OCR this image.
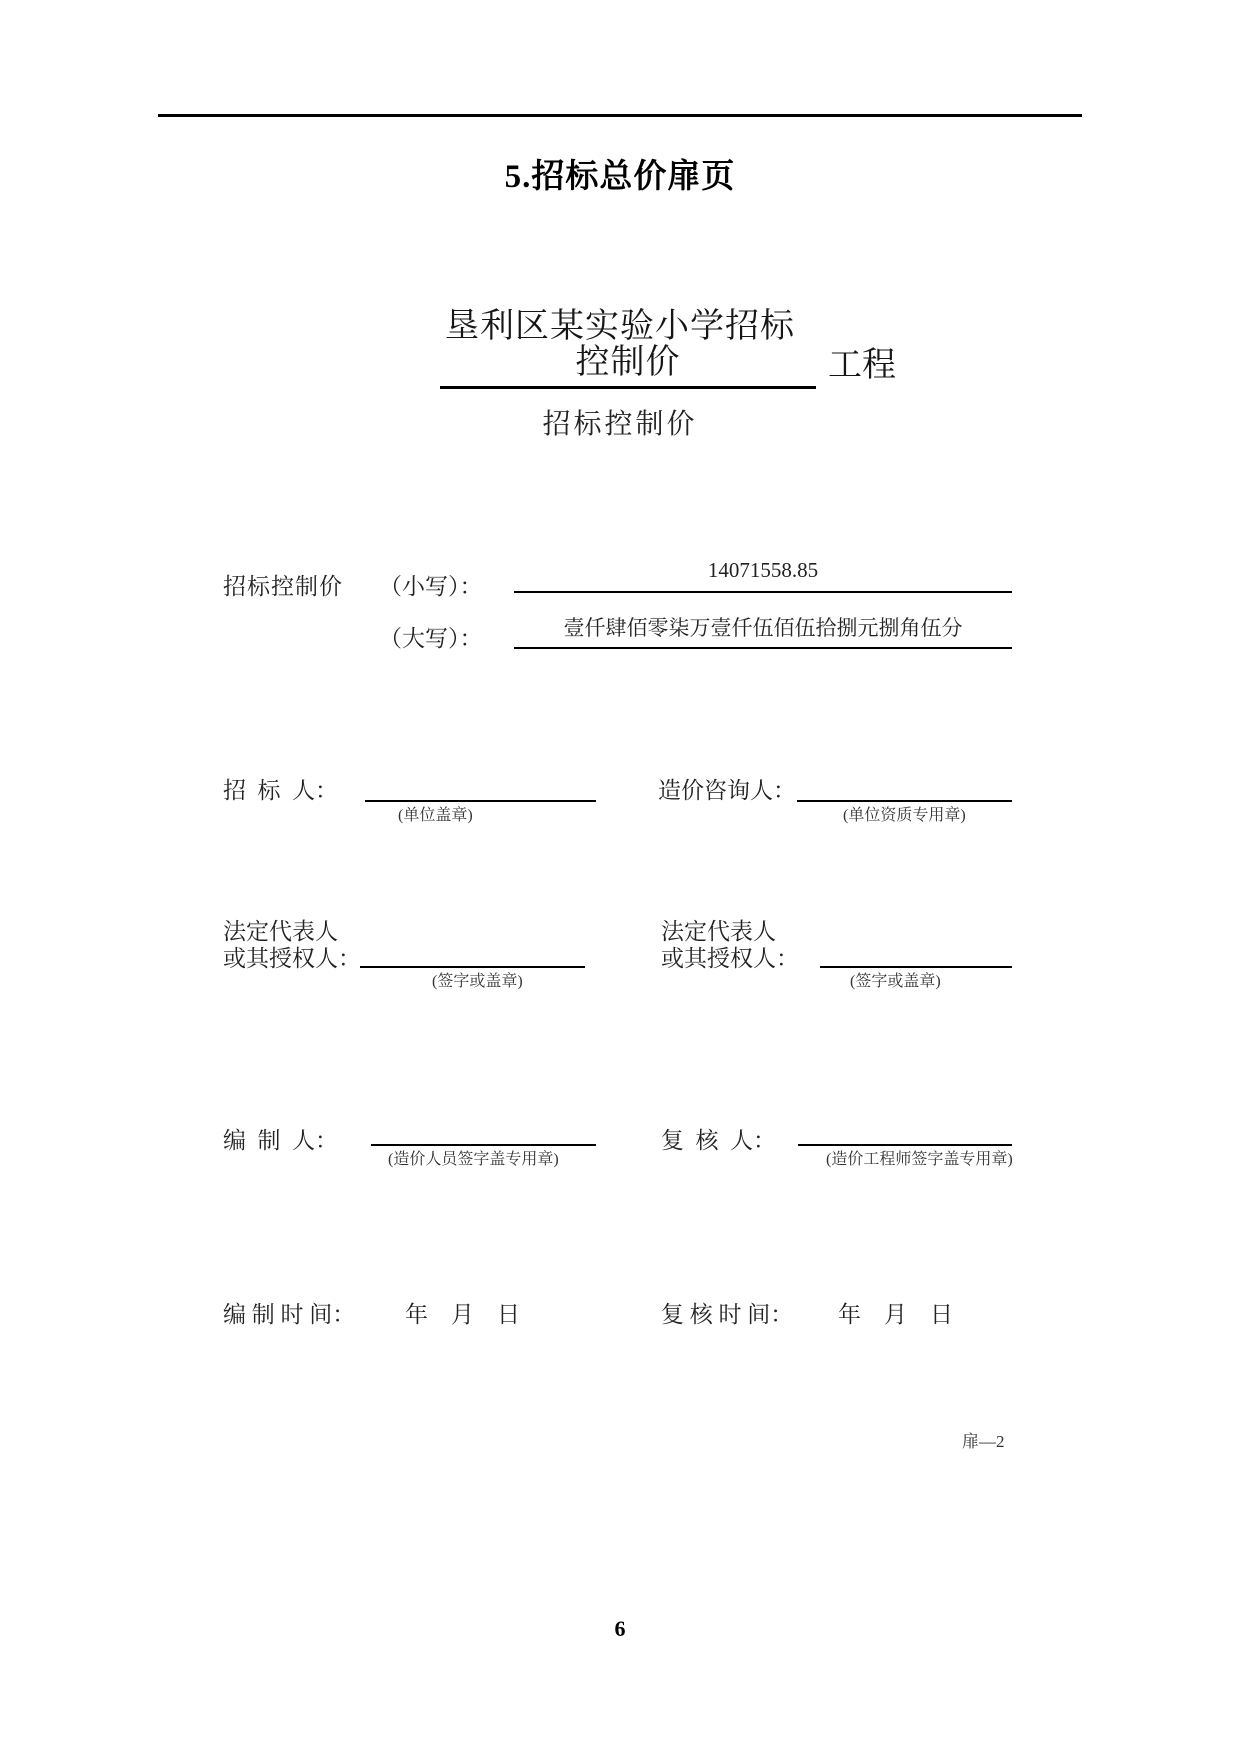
5.招标总价扉页
垦利区某实验小学招标
控制价	工程
招标控制价
招标控制价 （小写）：
14071558.85
（大写）：	壹仟肆佰零柒万壹仟伍佰伍拾捌元捌角伍分
招  标  人：
(单位盖章)
造价咨询人：
(单位资质专用章)
法定代表人
或其授权人：
(签字或盖章)
法定代表人
或其授权人：
(签字或盖章)
编  制  人：
(造价人员签字盖专用章)
复  核  人：
(造价工程师签字盖专用章)
编 制 时 间： 年    月    日	复 核 时 间： 年    月    日
扉—2
6
